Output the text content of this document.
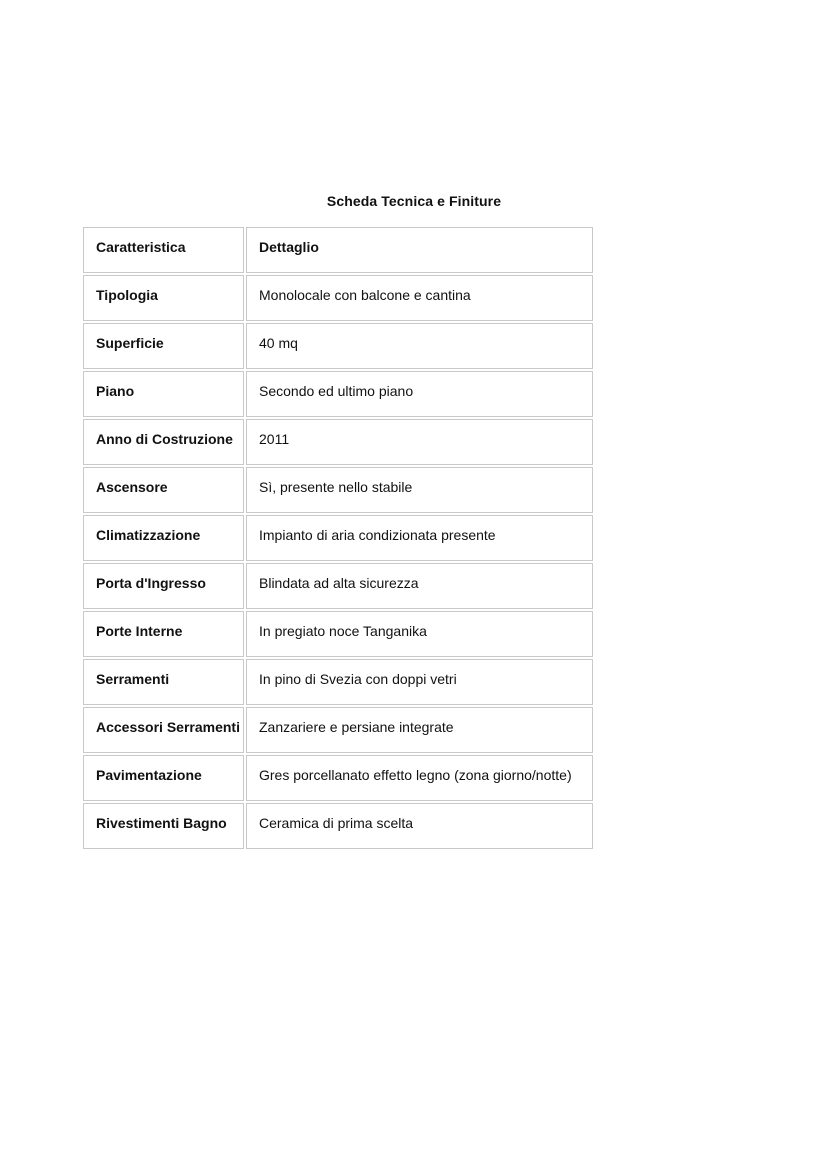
Scheda Tecnica e Finiture
Caratteristica	Dettaglio
Tipologia	Monolocale con balcone e cantina
Superficie	40 mq
Piano	Secondo ed ultimo piano
Anno di Costruzione	2011
Ascensore	Sì, presente nello stabile
Climatizzazione	Impianto di aria condizionata presente
Porta d'Ingresso	Blindata ad alta sicurezza
Porte Interne	In pregiato noce Tanganika
Serramenti	In pino di Svezia con doppi vetri
Accessori Serramenti	Zanzariere e persiane integrate
Pavimentazione	Gres porcellanato effetto legno (zona giorno/notte)
Rivestimenti Bagno	Ceramica di prima scelta
